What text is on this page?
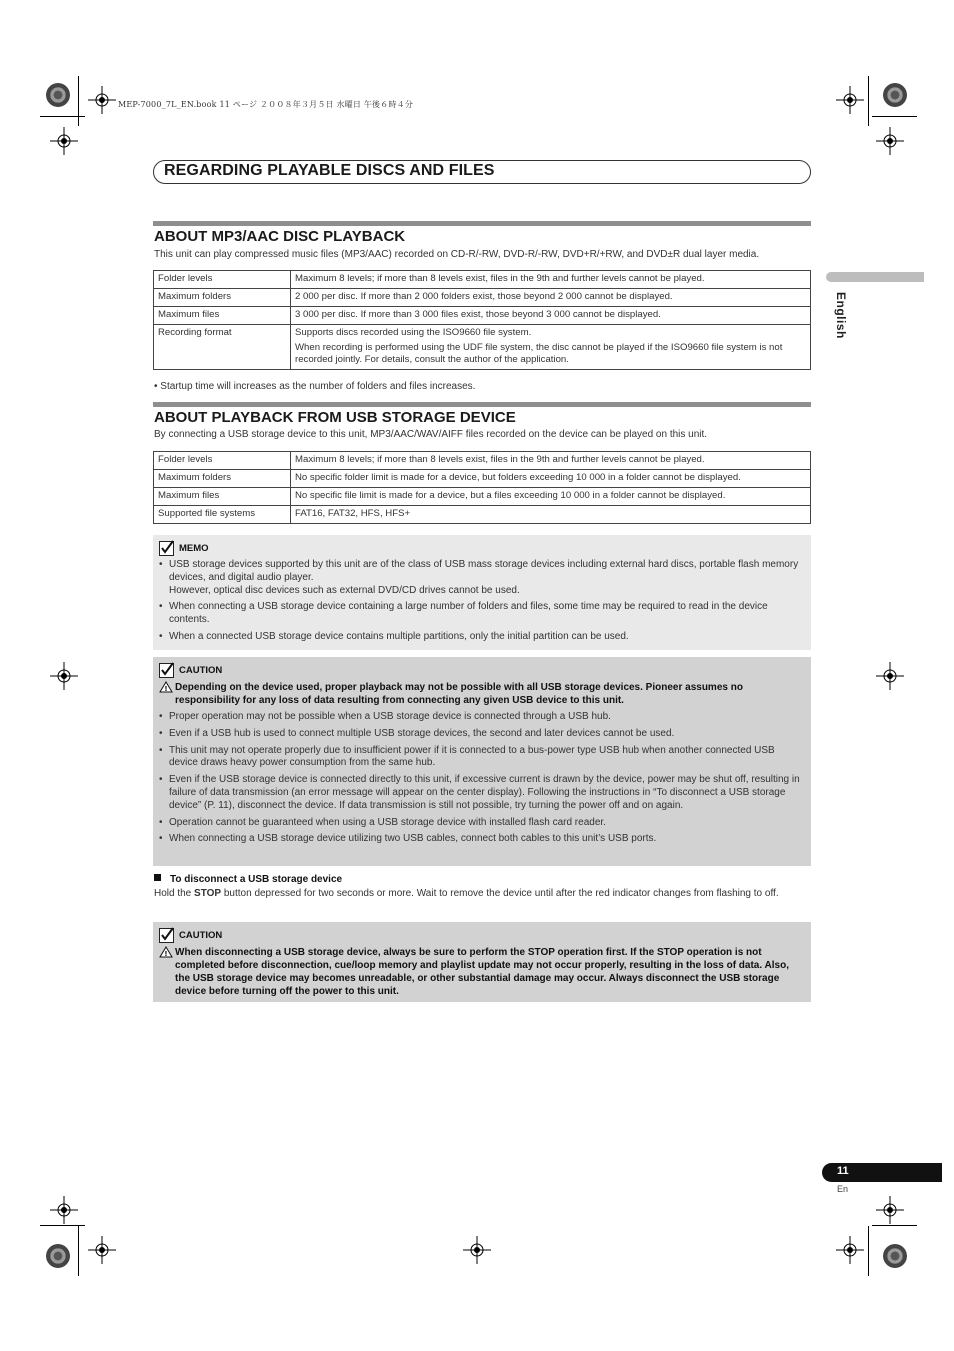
MEP-7000_7L_EN.book 11 ページ ２００８年３月５日 水曜日 午後６時４分
REGARDING PLAYABLE DISCS AND FILES
English
ABOUT MP3/AAC DISC PLAYBACK
This unit can play compressed music files (MP3/AAC) recorded on CD-R/-RW, DVD-R/-RW, DVD+R/+RW, and DVD±R dual layer media.
Folder levels	Maximum 8 levels; if more than 8 levels exist, files in the 9th and further levels cannot be played.
Maximum folders	2 000 per disc. If more than 2 000 folders exist, those beyond 2 000 cannot be displayed.
Maximum files	3 000 per disc. If more than 3 000 files exist, those beyond 3 000 cannot be displayed.
Recording format	Supports discs recorded using the ISO9660 file system.

When recording is performed using the UDF file system, the disc cannot be played if the ISO9660 file system is not recorded jointly. For details, consult the author of the application.

• Startup time will increases as the number of folders and files increases.
ABOUT PLAYBACK FROM USB STORAGE DEVICE
By connecting a USB storage device to this unit, MP3/AAC/WAV/AIFF files recorded on the device can be played on this unit.
Folder levels	Maximum 8 levels; if more than 8 levels exist, files in the 9th and further levels cannot be played.
Maximum folders	No specific folder limit is made for a device, but folders exceeding 10 000 in a folder cannot be displayed.
Maximum files	No specific file limit is made for a device, but a files exceeding 10 000 in a folder cannot be displayed.
Supported file systems	FAT16, FAT32, HFS, HFS+
MEMO
• USB storage devices supported by this unit are of the class of USB mass storage devices including external hard discs, portable flash memory devices, and digital audio player.
However, optical disc devices such as external DVD/CD drives cannot be used.
• When connecting a USB storage device containing a large number of folders and files, some time may be required to read in the device contents.
• When a connected USB storage device contains multiple partitions, only the initial partition can be used.
CAUTION
! Depending on the device used, proper playback may not be possible with all USB storage devices. Pioneer assumes no responsibility for any loss of data resulting from connecting any given USB device to this unit.
• Proper operation may not be possible when a USB storage device is connected through a USB hub.
• Even if a USB hub is used to connect multiple USB storage devices, the second and later devices cannot be used.
• This unit may not operate properly due to insufficient power if it is connected to a bus-power type USB hub when another connected USB device draws heavy power consumption from the same hub.
• Even if the USB storage device is connected directly to this unit, if excessive current is drawn by the device, power may be shut off, resulting in failure of data transmission (an error message will appear on the center display). Following the instructions in “To disconnect a USB storage device” (P. 11), disconnect the device. If data transmission is still not possible, try turning the power off and on again.
• Operation cannot be guaranteed when using a USB storage device with installed flash card reader.
• When connecting a USB storage device utilizing two USB cables, connect both cables to this unit’s USB ports.
To disconnect a USB storage device
Hold the STOP button depressed for two seconds or more. Wait to remove the device until after the red indicator changes from flashing to off.
CAUTION
! When disconnecting a USB storage device, always be sure to perform the STOP operation first. If the STOP operation is not completed before disconnection, cue/loop memory and playlist update may not occur properly, resulting in the loss of data. Also, the USB storage device may becomes unreadable, or other substantial damage may occur. Always disconnect the USB storage device before turning off the power to this unit.
11
En
